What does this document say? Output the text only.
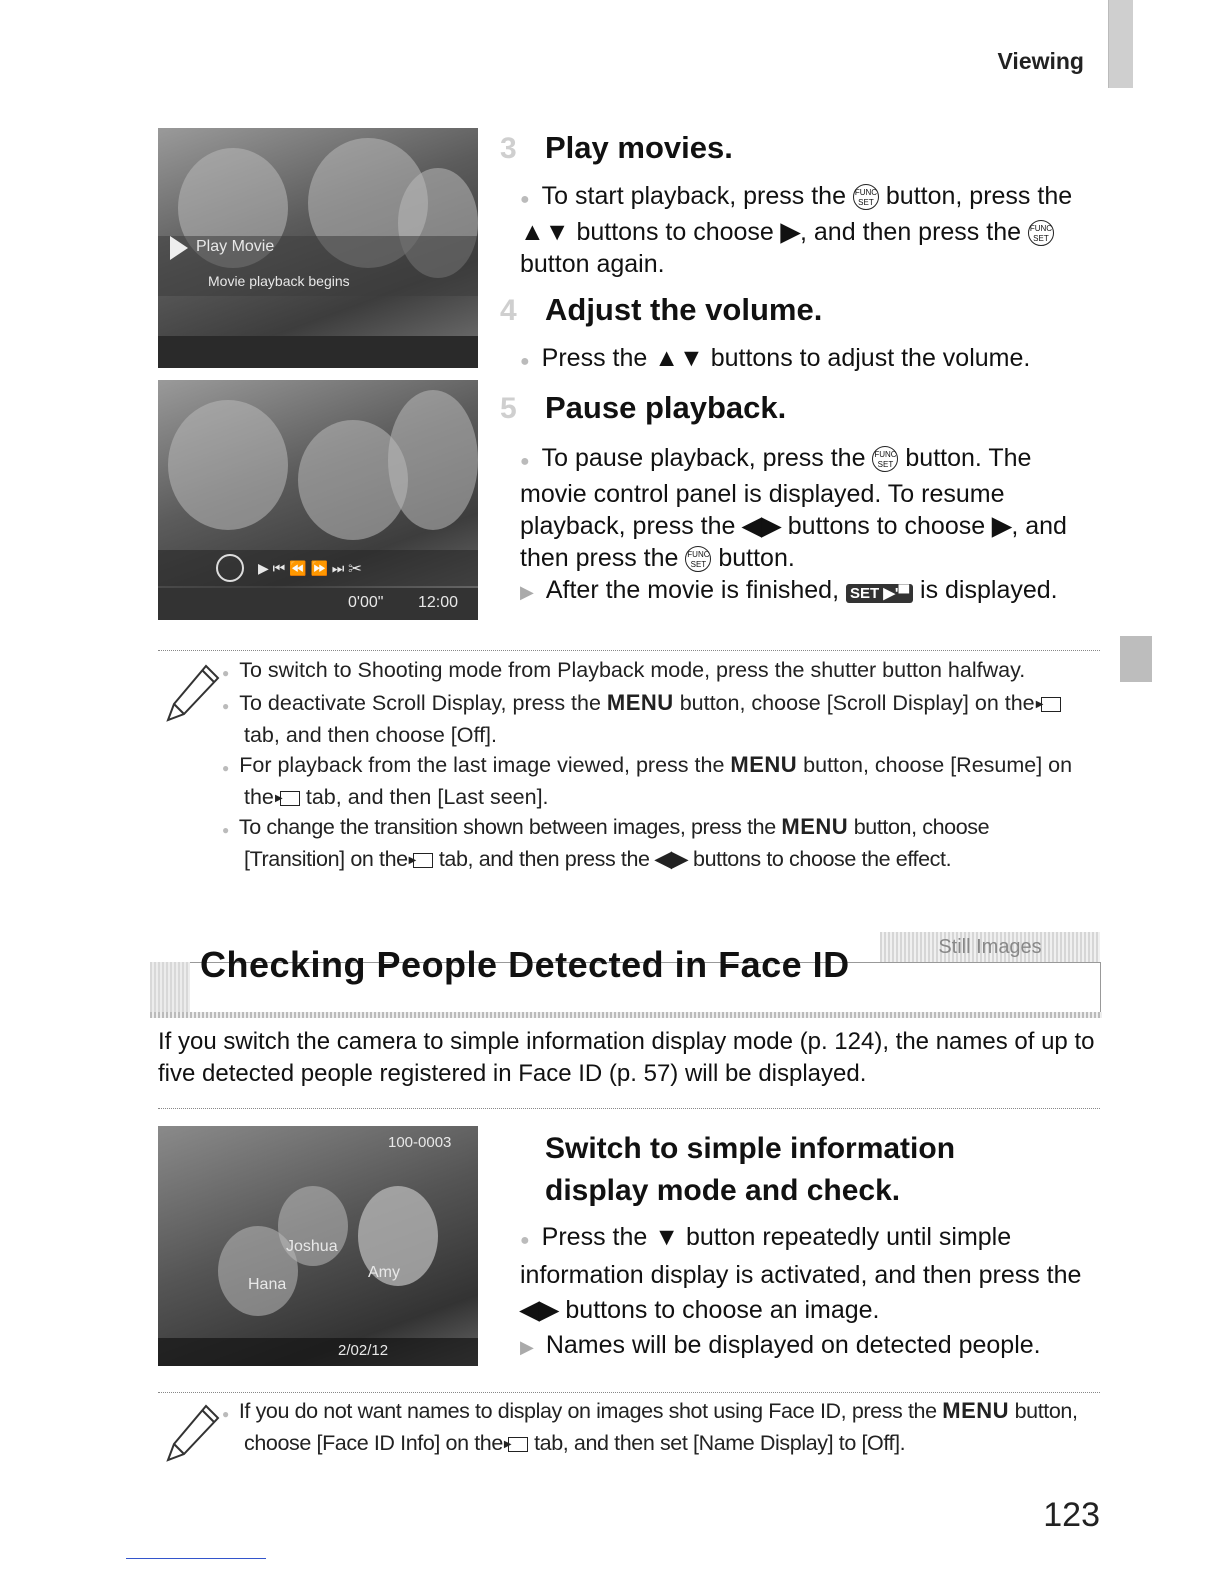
Viewing
Play Movie
Movie playback begins
▶ ⏮ ⏪ ⏩ ⏭ ✂
0'00" 12:00
3 Play movies.
● To start playback, press the FUNC
SET button, press the ▲▼ buttons to choose ▶, and then press the FUNC
SET button again.
4 Adjust the volume.
● Press the ▲▼ buttons to adjust the volume.
5 Pause playback.
● To pause playback, press the FUNC
SET button. The movie control panel is displayed. To resume playback, press the ◀▶ buttons to choose ▶, and then press the FUNC
SET button.
▶ After the movie is finished, SET ▶'▀ is displayed.
● To switch to Shooting mode from Playback mode, press the shutter button halfway.
● To deactivate Scroll Display, press the MENU button, choose [Scroll Display] on the ▶ tab, and then choose [Off].
● For playback from the last image viewed, press the MENU button, choose [Resume] on the ▶ tab, and then [Last seen].
● To change the transition shown between images, press the MENU button, choose [Transition] on the ▶ tab, and then press the ◀▶ buttons to choose the effect.
Still Images
Checking People Detected in Face ID
If you switch the camera to simple information display mode (p. 124), the names of up to five detected people registered in Face ID (p. 57) will be displayed.
100-0003
Joshua
Hana
Amy
2/02/12
Switch to simple information
display mode and check.
● Press the ▼ button repeatedly until simple information display is activated, and then press the ◀▶ buttons to choose an image.
▶ Names will be displayed on detected people.
● If you do not want names to display on images shot using Face ID, press the MENU button, choose [Face ID Info] on the ▶ tab, and then set [Name Display] to [Off].
123
